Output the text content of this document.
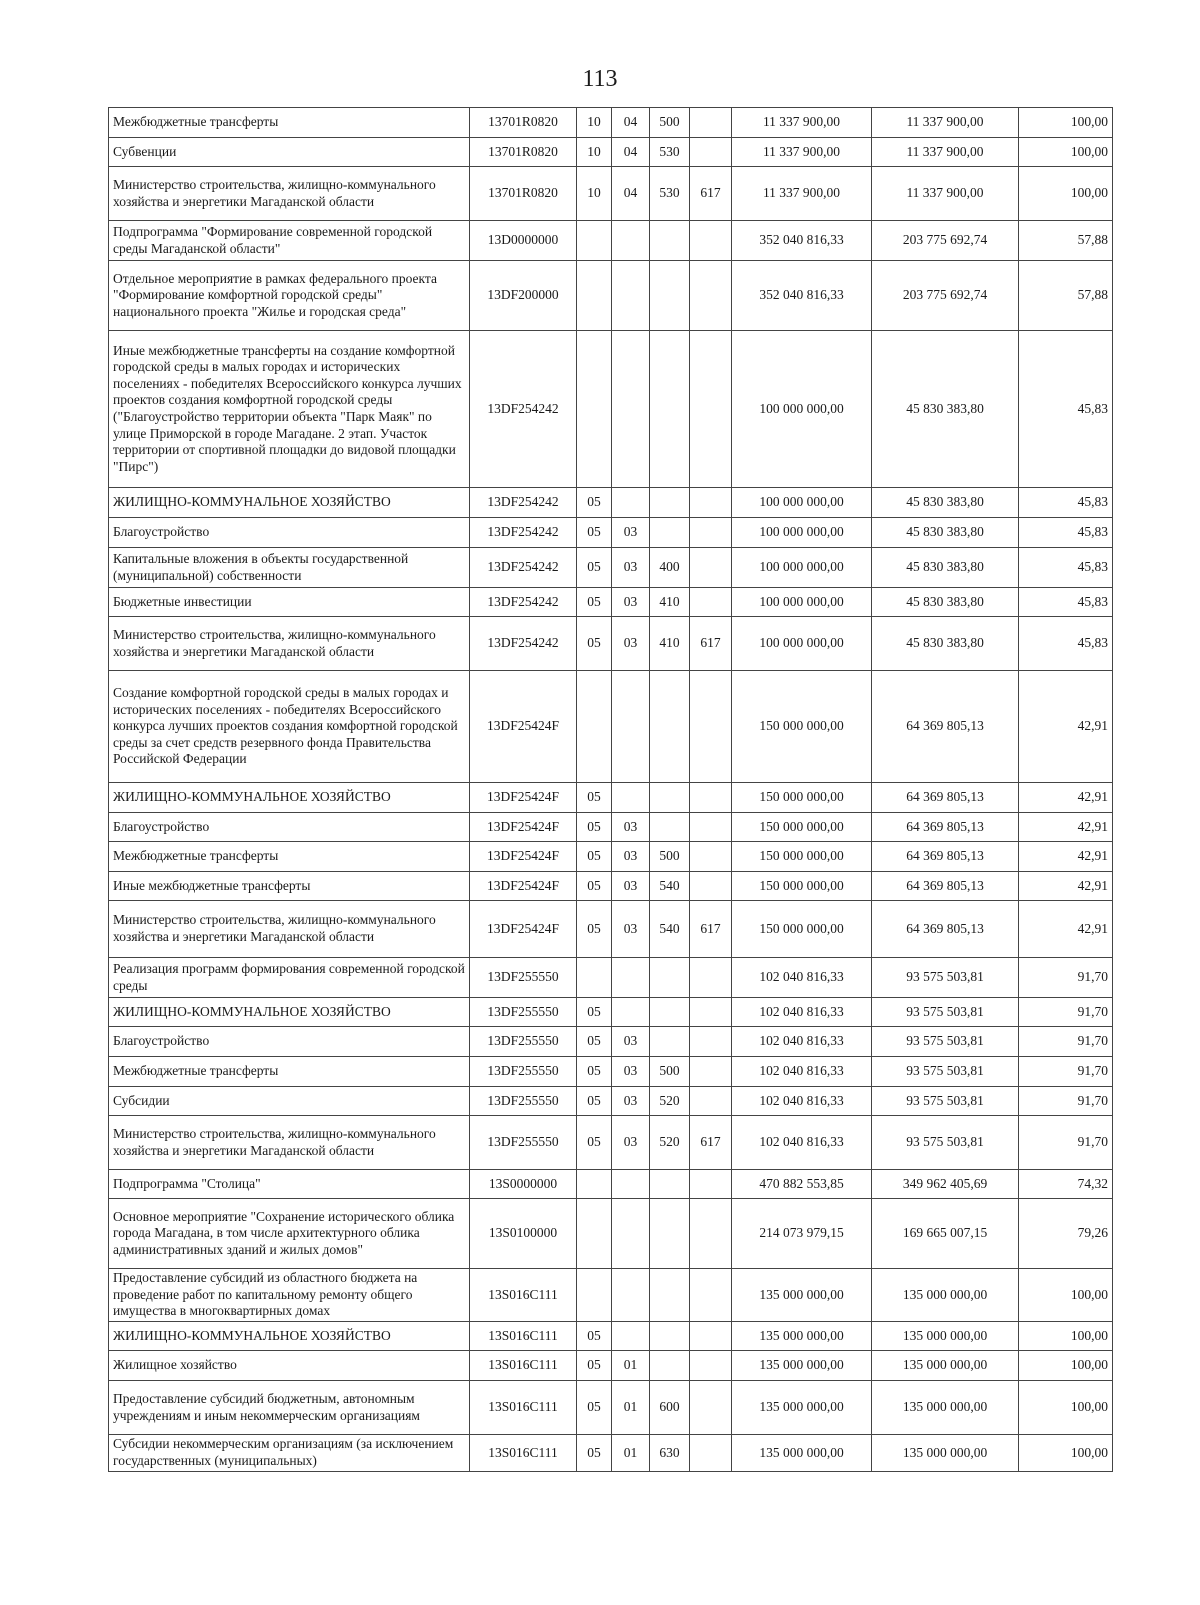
113
Межбюджетные трансферты	13701R0820	10	04	500		11 337 900,00	11 337 900,00	100,00
Субвенции	13701R0820	10	04	530		11 337 900,00	11 337 900,00	100,00
Министерство строительства, жилищно-коммунального хозяйства и энергетики Магаданской области	13701R0820	10	04	530	617	11 337 900,00	11 337 900,00	100,00
Подпрограмма "Формирование современной городской среды Магаданской области"	13D0000000					352 040 816,33	203 775 692,74	57,88
Отдельное мероприятие в рамках федерального проекта "Формирование комфортной городской среды" национального проекта "Жилье и городская среда"	13DF200000					352 040 816,33	203 775 692,74	57,88
Иные межбюджетные трансферты на создание комфортной городской среды в малых городах и исторических поселениях - победителях Всероссийского конкурса лучших проектов создания комфортной городской среды ("Благоустройство территории объекта "Парк Маяк" по улице Приморской в городе Магадане. 2 этап. Участок территории от спортивной площадки до видовой площадки "Пирс")	13DF254242					100 000 000,00	45 830 383,80	45,83
ЖИЛИЩНО-КОММУНАЛЬНОЕ ХОЗЯЙСТВО	13DF254242	05				100 000 000,00	45 830 383,80	45,83
Благоустройство	13DF254242	05	03			100 000 000,00	45 830 383,80	45,83
Капитальные вложения в объекты государственной (муниципальной) собственности	13DF254242	05	03	400		100 000 000,00	45 830 383,80	45,83
Бюджетные инвестиции	13DF254242	05	03	410		100 000 000,00	45 830 383,80	45,83
Министерство строительства, жилищно-коммунального хозяйства и энергетики Магаданской области	13DF254242	05	03	410	617	100 000 000,00	45 830 383,80	45,83
Создание комфортной городской среды в малых городах и исторических поселениях - победителях Всероссийского конкурса лучших проектов создания комфортной городской среды за счет средств резервного фонда Правительства Российской Федерации	13DF25424F					150 000 000,00	64 369 805,13	42,91
ЖИЛИЩНО-КОММУНАЛЬНОЕ ХОЗЯЙСТВО	13DF25424F	05				150 000 000,00	64 369 805,13	42,91
Благоустройство	13DF25424F	05	03			150 000 000,00	64 369 805,13	42,91
Межбюджетные трансферты	13DF25424F	05	03	500		150 000 000,00	64 369 805,13	42,91
Иные межбюджетные трансферты	13DF25424F	05	03	540		150 000 000,00	64 369 805,13	42,91
Министерство строительства, жилищно-коммунального хозяйства и энергетики Магаданской области	13DF25424F	05	03	540	617	150 000 000,00	64 369 805,13	42,91
Реализация программ формирования современной городской среды	13DF255550					102 040 816,33	93 575 503,81	91,70
ЖИЛИЩНО-КОММУНАЛЬНОЕ ХОЗЯЙСТВО	13DF255550	05				102 040 816,33	93 575 503,81	91,70
Благоустройство	13DF255550	05	03			102 040 816,33	93 575 503,81	91,70
Межбюджетные трансферты	13DF255550	05	03	500		102 040 816,33	93 575 503,81	91,70
Субсидии	13DF255550	05	03	520		102 040 816,33	93 575 503,81	91,70
Министерство строительства, жилищно-коммунального хозяйства и энергетики Магаданской области	13DF255550	05	03	520	617	102 040 816,33	93 575 503,81	91,70
Подпрограмма "Столица"	13S0000000					470 882 553,85	349 962 405,69	74,32
Основное мероприятие "Сохранение исторического облика города Магадана, в том числе архитектурного облика административных зданий и жилых домов"	13S0100000					214 073 979,15	169 665 007,15	79,26
Предоставление субсидий из областного бюджета на проведение работ по капитальному ремонту общего имущества в многоквартирных домах	13S016C111					135 000 000,00	135 000 000,00	100,00
ЖИЛИЩНО-КОММУНАЛЬНОЕ ХОЗЯЙСТВО	13S016C111	05				135 000 000,00	135 000 000,00	100,00
Жилищное хозяйство	13S016C111	05	01			135 000 000,00	135 000 000,00	100,00
Предоставление субсидий бюджетным, автономным учреждениям и иным некоммерческим организациям	13S016C111	05	01	600		135 000 000,00	135 000 000,00	100,00
Субсидии некоммерческим организациям (за исключением государственных (муниципальных)	13S016C111	05	01	630		135 000 000,00	135 000 000,00	100,00
